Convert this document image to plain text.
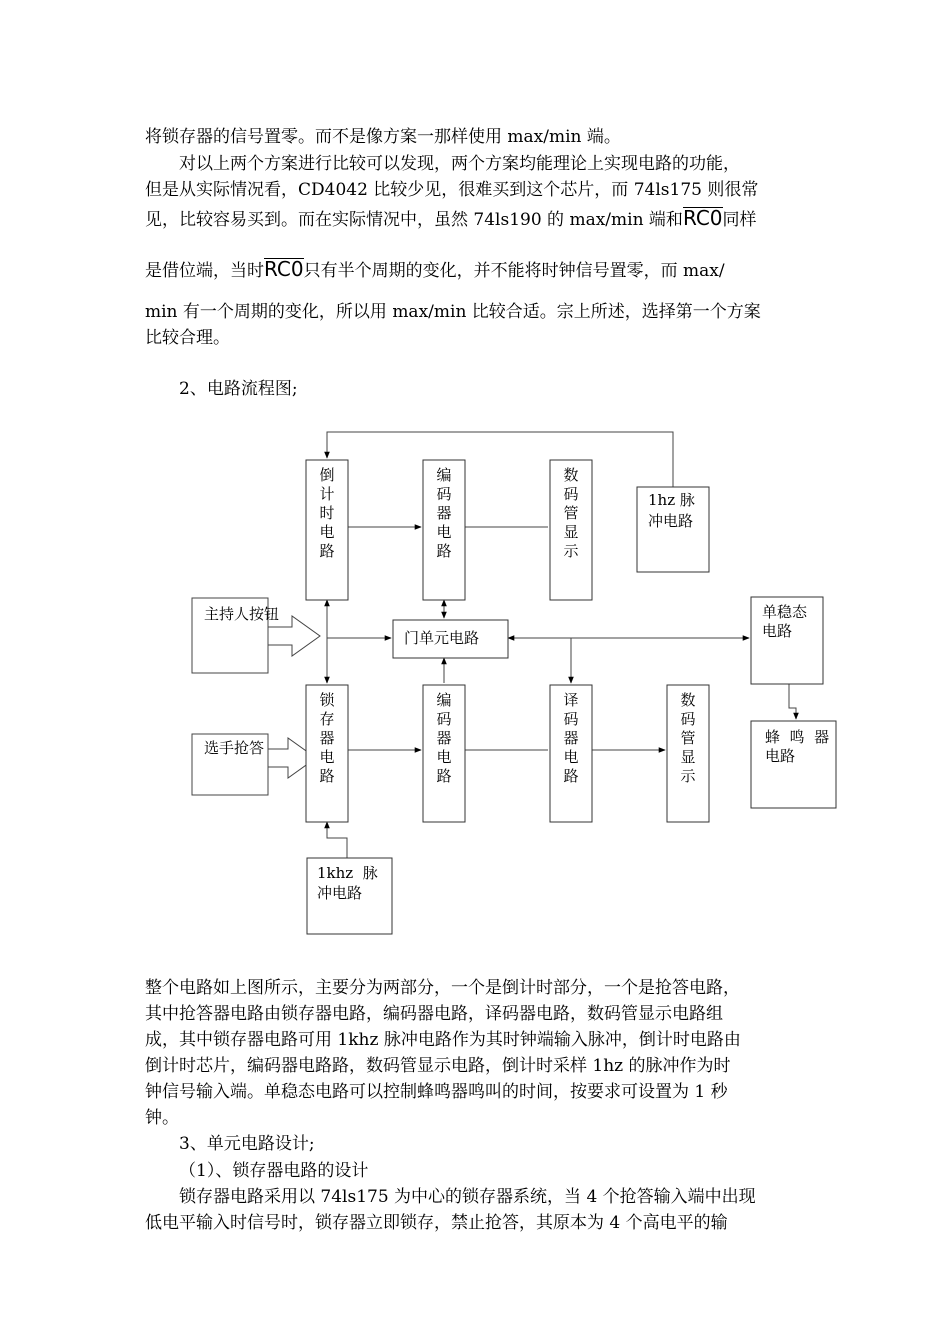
将锁存器的信号置零。而不是像方案一那样使用 max/min 端。
对以上两个方案进行比较可以发现，两个方案均能理论上实现电路的功能，
但是从实际情况看，CD4042 比较少见，很难买到这个芯片，而 74ls175 则很常
见，比较容易买到。而在实际情况中，虽然 74ls190 的 max/min 端和RC0同样
是借位端，当时RC0只有半个周期的变化，并不能将时钟信号置零，而 max/
min 有一个周期的变化，所以用 max/min 比较合适。宗上所述，选择第一个方案
比较合理。
2、电路流程图;
倒
计
时
电
路
编
码
器
电
路
数
码
管
显
示
1hz 脉
冲电路
主持人按钮
门单元电路
单稳态
电路
选手抢答
锁
存
器
电
路
编
码
器
电
路
译
码
器
电
路
数
码
管
显
示
蜂  鸣  器
电路
1khz  脉
冲电路
整个电路如上图所示，主要分为两部分，一个是倒计时部分，一个是抢答电路，
其中抢答器电路由锁存器电路，编码器电路，译码器电路，数码管显示电路组
成，其中锁存器电路可用 1khz 脉冲电路作为其时钟端输入脉冲，倒计时电路由
倒计时芯片，编码器电路路，数码管显示电路，倒计时采样 1hz 的脉冲作为时
钟信号输入端。单稳态电路可以控制蜂鸣器鸣叫的时间，按要求可设置为 1 秒
钟。
3、单元电路设计;
（1）、锁存器电路的设计
锁存器电路采用以 74ls175 为中心的锁存器系统，当 4 个抢答输入端中出现
低电平输入时信号时，锁存器立即锁存，禁止抢答，其原本为 4 个高电平的输
